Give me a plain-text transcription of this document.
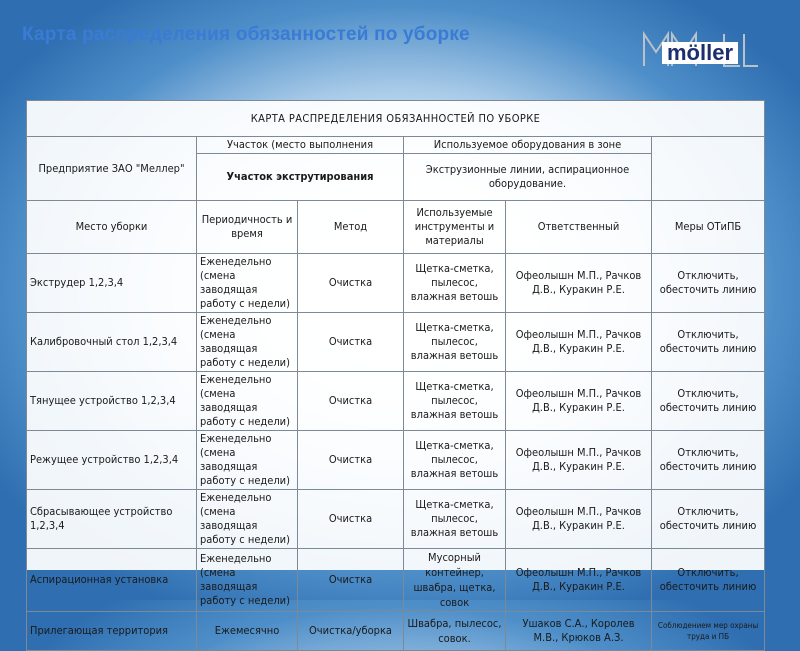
Карта распределения обязанностей по уборке
möller
КАРТА РАСПРЕДЕЛЕНИЯ ОБЯЗАННОСТЕЙ ПО УБОРКЕ					
Предприятие ЗАО "Меллер"	Участок (место выполнения		Используемое оборудования в зоне		
	Участок экструтирования		Экструзионные линии, аспирационное оборудование.		
Место уборки	Периодичность и время	Метод	Используемые инструменты и материалы	Ответственный	Меры ОТиПБ
Экструдер 1,2,3,4	Еженедельно (смена заводящая работу с недели)	Очистка	Щетка-сметка, пылесос, влажная ветошь	Офеолышн М.П., Рачков Д.В., Куракин Р.Е.	Отключить, обесточить линию
Калибровочный стол 1,2,3,4	Еженедельно (смена заводящая работу с недели)	Очистка	Щетка-сметка, пылесос, влажная ветошь	Офеолышн М.П., Рачков Д.В., Куракин Р.Е.	Отключить, обесточить линию
Тянущее устройство 1,2,3,4	Еженедельно (смена заводящая работу с недели)	Очистка	Щетка-сметка, пылесос, влажная ветошь	Офеолышн М.П., Рачков Д.В., Куракин Р.Е.	Отключить, обесточить линию
Режущее устройство 1,2,3,4	Еженедельно (смена заводящая работу с недели)	Очистка	Щетка-сметка, пылесос, влажная ветошь	Офеолышн М.П., Рачков Д.В., Куракин Р.Е.	Отключить, обесточить линию
Сбрасывающее устройство 1,2,3,4	Еженедельно (смена заводящая работу с недели)	Очистка	Щетка-сметка, пылесос, влажная ветошь	Офеолышн М.П., Рачков Д.В., Куракин Р.Е.	Отключить, обесточить линию
Аспирационная установка	Еженедельно (смена заводящая работу с недели)	Очистка	Мусорный контейнер, швабра, щетка, совок	Офеолышн М.П., Рачков Д.В., Куракин Р.Е.	Отключить, обесточить линию
Прилегающая территория	Ежемесячно	Очистка/уборка	Швабра, пылесос, совок.	Ушаков С.А., Королев М.В., Крюков А.З.	Соблюдением мер охраны труда и ПБ
